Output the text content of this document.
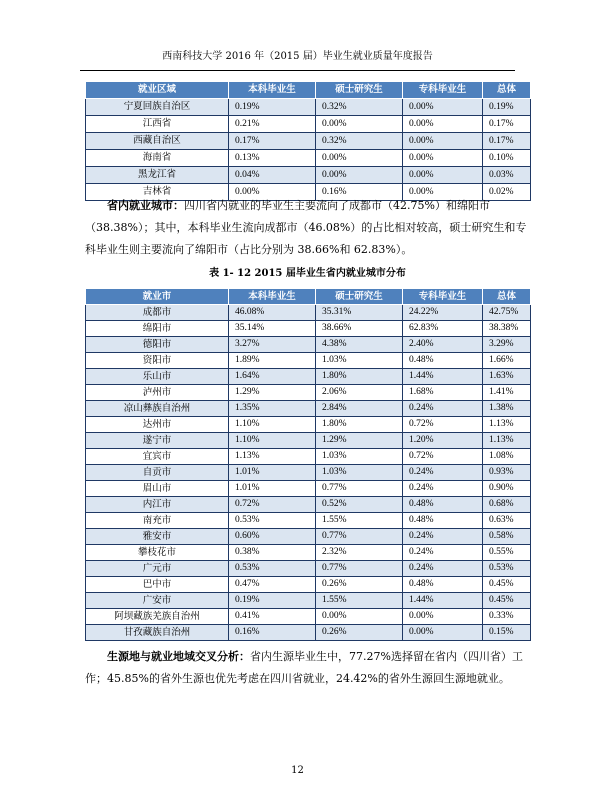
西南科技大学 2016 年（2015 届）毕业生就业质量年度报告
就业区域	本科毕业生	硕士研究生	专科毕业生	总体
宁夏回族自治区	0.19%	0.32%	0.00%	0.19%
江西省	0.21%	0.00%	0.00%	0.17%
西藏自治区	0.17%	0.32%	0.00%	0.17%
海南省	0.13%	0.00%	0.00%	0.10%
黑龙江省	0.04%	0.00%	0.00%	0.03%
吉林省	0.00%	0.16%	0.00%	0.02%

省内就业城市：四川省内就业的毕业生主要流向了成都市（42.75%）和绵阳市（38.38%）；其中，本科毕业生流向成都市（46.08%）的占比相对较高，硕士研究生和专科毕业生则主要流向了绵阳市（占比分别为 38.66%和 62.83%）。

表 1- 12 2015 届毕业生省内就业城市分布
就业市	本科毕业生	硕士研究生	专科毕业生	总体
成都市	46.08%	35.31%	24.22%	42.75%
绵阳市	35.14%	38.66%	62.83%	38.38%
德阳市	3.27%	4.38%	2.40%	3.29%
资阳市	1.89%	1.03%	0.48%	1.66%
乐山市	1.64%	1.80%	1.44%	1.63%
泸州市	1.29%	2.06%	1.68%	1.41%
凉山彝族自治州	1.35%	2.84%	0.24%	1.38%
达州市	1.10%	1.80%	0.72%	1.13%
遂宁市	1.10%	1.29%	1.20%	1.13%
宜宾市	1.13%	1.03%	0.72%	1.08%
自贡市	1.01%	1.03%	0.24%	0.93%
眉山市	1.01%	0.77%	0.24%	0.90%
内江市	0.72%	0.52%	0.48%	0.68%
南充市	0.53%	1.55%	0.48%	0.63%
雅安市	0.60%	0.77%	0.24%	0.58%
攀枝花市	0.38%	2.32%	0.24%	0.55%
广元市	0.53%	0.77%	0.24%	0.53%
巴中市	0.47%	0.26%	0.48%	0.45%
广安市	0.19%	1.55%	1.44%	0.45%
阿坝藏族羌族自治州	0.41%	0.00%	0.00%	0.33%
甘孜藏族自治州	0.16%	0.26%	0.00%	0.15%

生源地与就业地域交叉分析：省内生源毕业生中，77.27%选择留在省内（四川省）工作；45.85%的省外生源也优先考虑在四川省就业，24.42%的省外生源回生源地就业。

12
